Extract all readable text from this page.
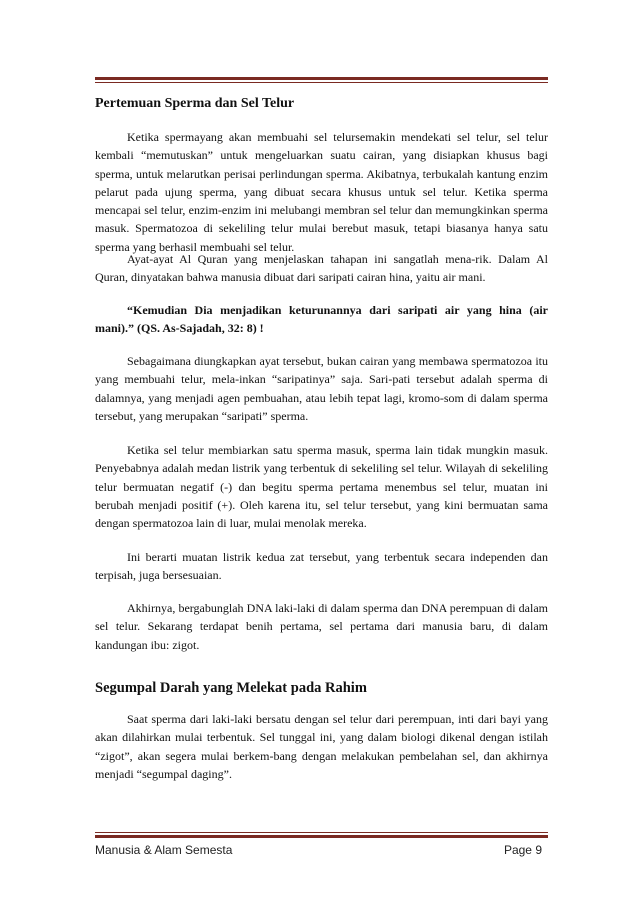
Pertemuan Sperma dan Sel Telur

Ketika spermayang akan membuahi sel telursemakin mendekati sel telur, sel telur kembali “memutuskan” untuk mengeluarkan suatu cairan, yang disiapkan khusus bagi sperma, untuk melarutkan perisai perlindungan sperma. Akibatnya, terbukalah kantung enzim pelarut pada ujung sperma, yang dibuat secara khusus untuk sel telur. Ketika sperma mencapai sel telur, enzim-enzim ini melubangi membran sel telur dan memungkinkan sperma masuk. Spermatozoa di sekeliling telur mulai berebut masuk, tetapi biasanya hanya satu sperma yang berhasil membuahi sel telur.

Ayat-ayat Al Quran yang menjelaskan tahapan ini sangatlah mena-rik. Dalam Al Quran, dinyatakan bahwa manusia dibuat dari saripati cairan hina, yaitu air mani.

“Kemudian Dia menjadikan keturunannya dari saripati air yang hina (air mani).” (QS. As-Sajadah, 32: 8) !

Sebagaimana diungkapkan ayat tersebut, bukan cairan yang membawa spermatozoa itu yang membuahi telur, mela-inkan “saripatinya” saja. Sari-pati tersebut adalah sperma di dalamnya, yang menjadi agen pembuahan, atau lebih tepat lagi, kromo-som di dalam sperma tersebut, yang merupakan “saripati” sperma.

Ketika sel telur membiarkan satu sperma masuk, sperma lain tidak mungkin masuk. Penyebabnya adalah medan listrik yang terbentuk di sekeliling sel telur. Wilayah di sekeliling telur bermuatan negatif (-) dan begitu sperma pertama menembus sel telur, muatan ini berubah menjadi positif (+). Oleh karena itu, sel telur tersebut, yang kini bermuatan sama dengan spermatozoa lain di luar, mulai menolak mereka.

Ini berarti muatan listrik kedua zat tersebut, yang terbentuk secara independen dan terpisah, juga bersesuaian.

Akhirnya, bergabunglah DNA laki-laki di dalam sperma dan DNA perempuan di dalam sel telur. Sekarang terdapat benih pertama, sel pertama dari manusia baru, di dalam kandungan ibu: zigot.

Segumpal Darah yang Melekat pada Rahim

Saat sperma dari laki-laki bersatu dengan sel telur dari perempuan, inti dari bayi yang akan dilahirkan mulai terbentuk. Sel tunggal ini, yang dalam biologi dikenal dengan istilah “zigot”, akan segera mulai berkem-bang dengan melakukan pembelahan sel, dan akhirnya menjadi “segumpal daging”.

Manusia & Alam Semesta	Page 9
